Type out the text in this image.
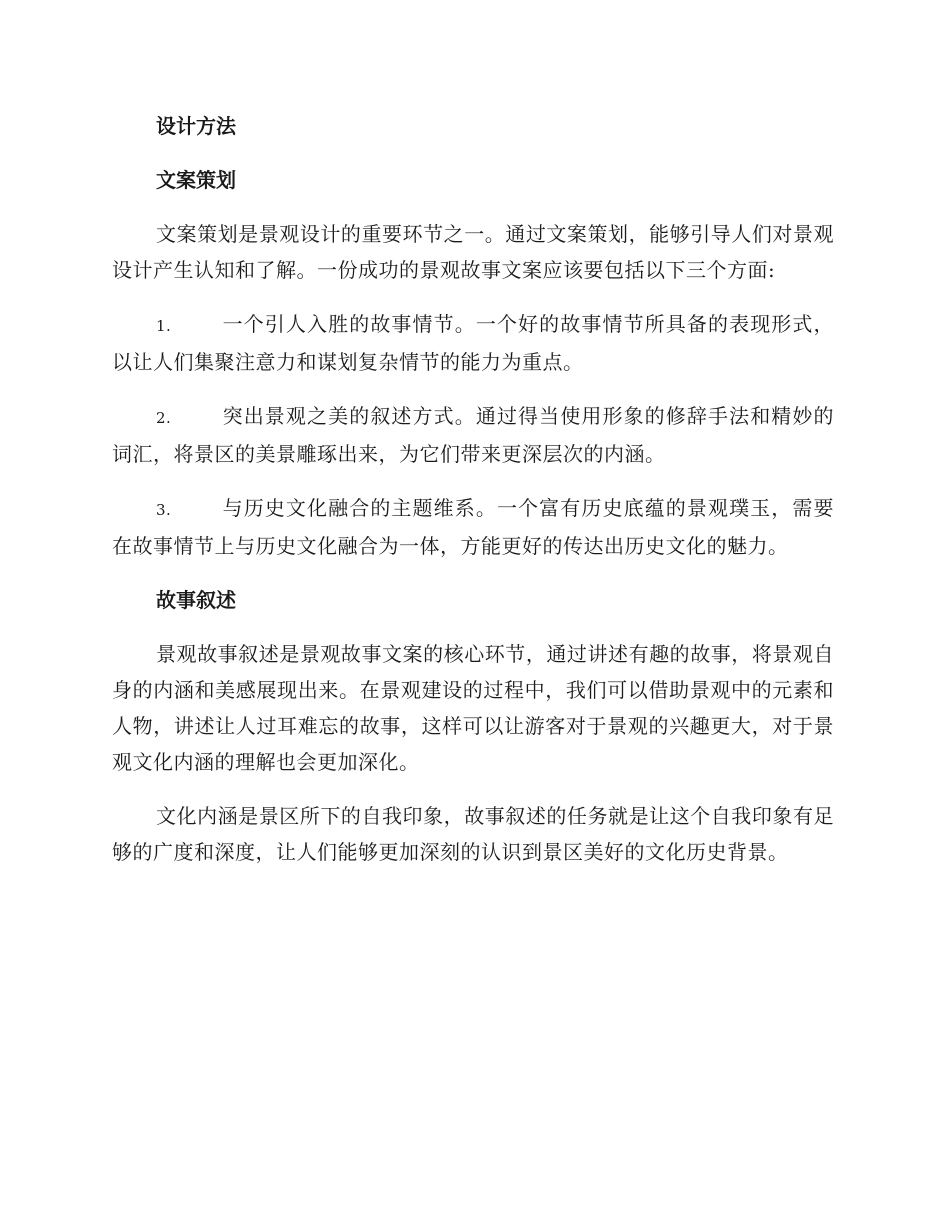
设计方法
文案策划

文案策划是景观设计的重要环节之一。通过文案策划，能够引导人们对景观设计产生认知和了解。一份成功的景观故事文案应该要包括以下三个方面:

1.	一个引人入胜的故事情节。一个好的故事情节所具备的表现形式，以让人们集聚注意力和谋划复杂情节的能力为重点。
2.	突出景观之美的叙述方式。通过得当使用形象的修辞手法和精妙的词汇，将景区的美景雕琢出来，为它们带来更深层次的内涵。
3.	与历史文化融合的主题维系。一个富有历史底蕴的景观璞玉，需要在故事情节上与历史文化融合为一体，方能更好的传达出历史文化的魅力。
故事叙述

景观故事叙述是景观故事文案的核心环节，通过讲述有趣的故事，将景观自身的内涵和美感展现出来。在景观建设的过程中，我们可以借助景观中的元素和人物，讲述让人过耳难忘的故事，这样可以让游客对于景观的兴趣更大，对于景观文化内涵的理解也会更加深化。

文化内涵是景区所下的自我印象，故事叙述的任务就是让这个自我印象有足够的广度和深度，让人们能够更加深刻的认识到景区美好的文化历史背景。
